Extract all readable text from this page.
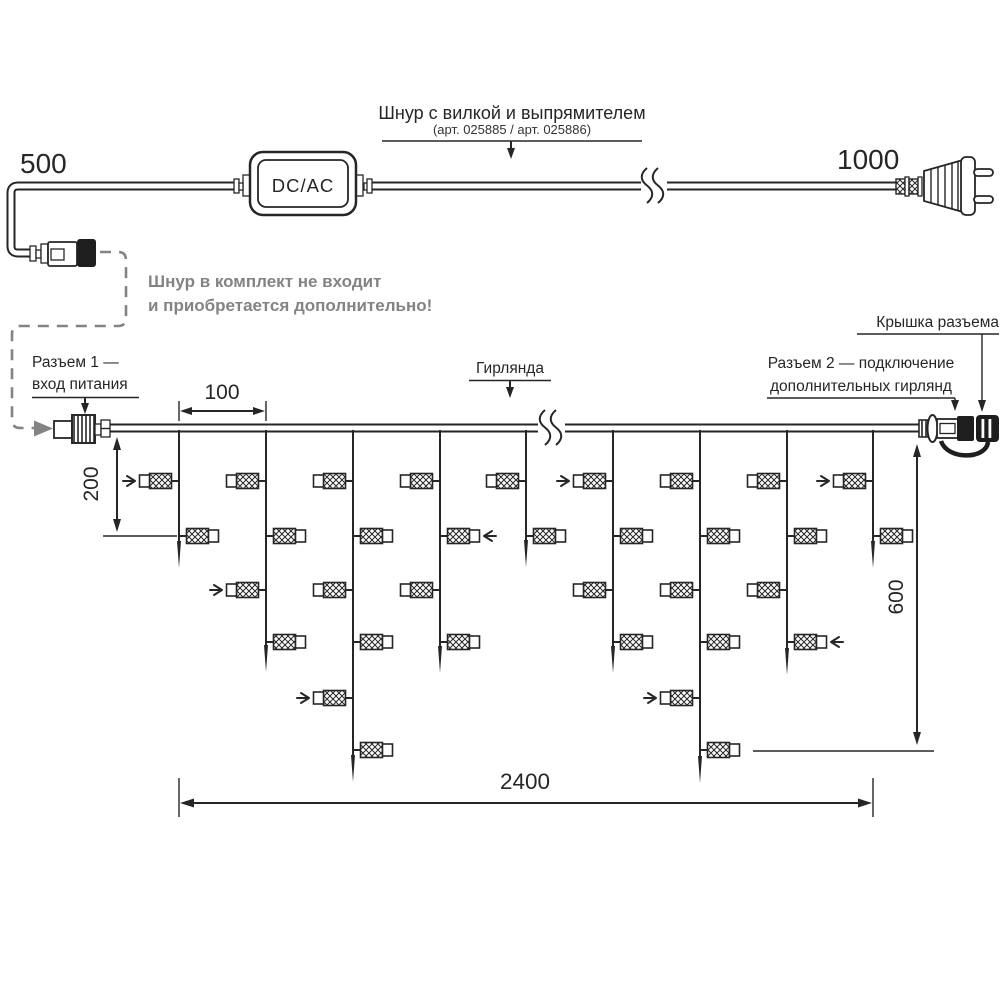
DC/AC
500	1000
Шнур с вилкой и выпрямителем
(арт. 025885 / арт. 025886)
Шнур в комплект не входит
и приобретается дополнительно!
Разъем 1 —
вход питания
Гирлянда
Крышка разъема
Разъем 2 — подключение
дополнительных гирлянд
100
200
600
2400
